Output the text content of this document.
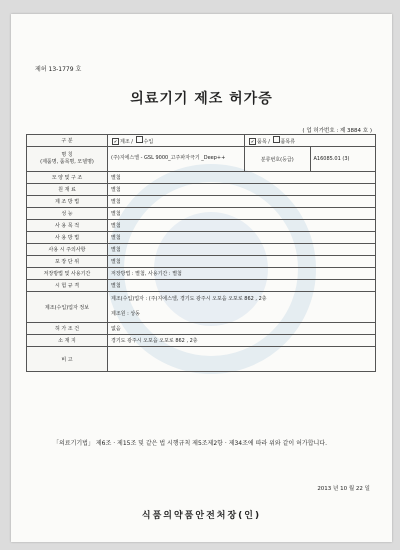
제허 13-1779 호
의료기기 제조 허가증
( 업 허가번호 : 제 3884 호 )
구 분	✔ 제조 / 수입	✔ 품목 / 품목류	
명 칭
(제품명, 품목명, 모델명)	(주)지에스엘 - GSL 9000_고주파자극기 _Deep++	분류번호(등급)	A16085.01 (3)
모 양 및 구 조	별첨		
원 재 료	별첨		
제 조 방 법	별첨		
성 능	별첨		
사 용 목 적	별첨		
사 용 방 법	별첨		
사용 시 주의사항	별첨		
포 장 단 위	별첨		
저장방법 및 사용기간	저장방법 : 별첨, 사용기간 : 별첨		
시 험 규 격	별첨		
제조(수입)업자 정보	제조(수입)업자 : (주)지에스엘, 경기도 광주시 오포읍 오포로 862 , 2층

제조원 : 상동		
허 가 조 건	없음		
소 재 지	경기도 광주시 오포읍 오포로 862 , 2층		
비 고			
「의료기기법」 제6조 · 제15조 및 같은 법 시행규칙 제5조제2항 · 제34조에 따라 위와 같이 허가합니다.
2013 년 10 월 22 일
식품의약품안전처장(인)
